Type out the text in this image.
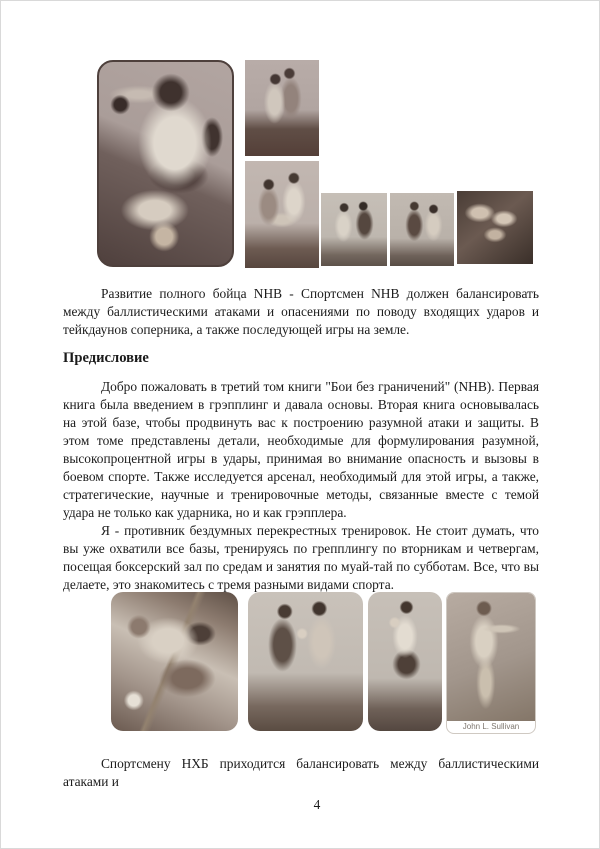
Развитие полного бойца NHB - Спортсмен NHB должен балансировать между баллистическими атаками и опасениями по поводу входящих ударов и тейкдаунов соперника, а также последующей игры на земле.

Предисловие

Добро пожаловать в третий том книги "Бои без граничений" (NHB). Первая книга была введением в грэпплинг и давала основы. Вторая книга основывалась на этой базе, чтобы продвинуть вас к построению разумной атаки и защиты. В этом томе представлены детали, необходимые для формулирования разумной, высокопроцентной игры в удары, принимая во внимание опасность и вызовы в боевом спорте. Также исследуется арсенал, необходимый для этой игры, а также, стратегические, научные и тренировочные методы, связанные вместе с темой удара не только как ударника, но и как грэпплера.

Я - противник бездумных перекрестных тренировок. Не стоит думать, что вы уже охватили все базы, тренируясь по грепплингу по вторникам и четвергам, посещая боксерский зал по средам и занятия по муай-тай по субботам. Все, что вы делаете, это знакомитесь с тремя разными видами спорта.

John L. Sullivan

Спортсмену НХБ приходится балансировать между баллистическими атаками и

4
